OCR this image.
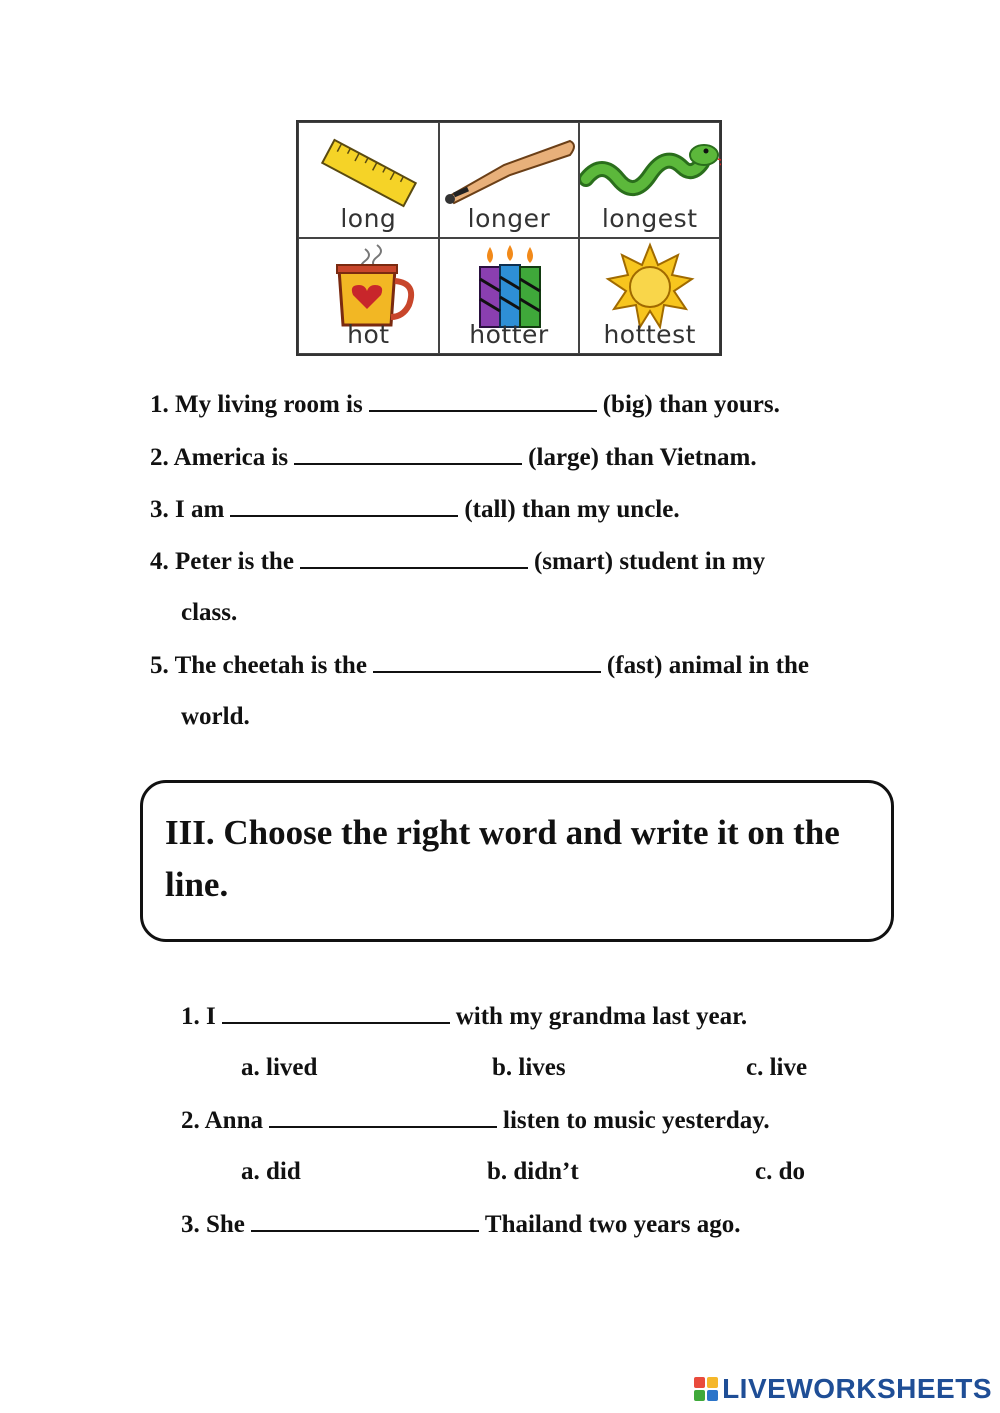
long	longer	longest
hot	hotter	hottest
1. My living room is	(big) than yours.
2. America is	(large) than Vietnam.
3. I am	(tall) than my uncle.
4. Peter is the	(smart) student in my
class.
5. The cheetah is the	(fast) animal in the
world.
III. Choose the right word and write it on the line.
1. I	with my grandma last year.
a. lived	b. lives	c. live
2. Anna	listen to music yesterday.
a. did	b. didn’t	c. do
3. She	Thailand two years ago.
LIVEWORKSHEETS
